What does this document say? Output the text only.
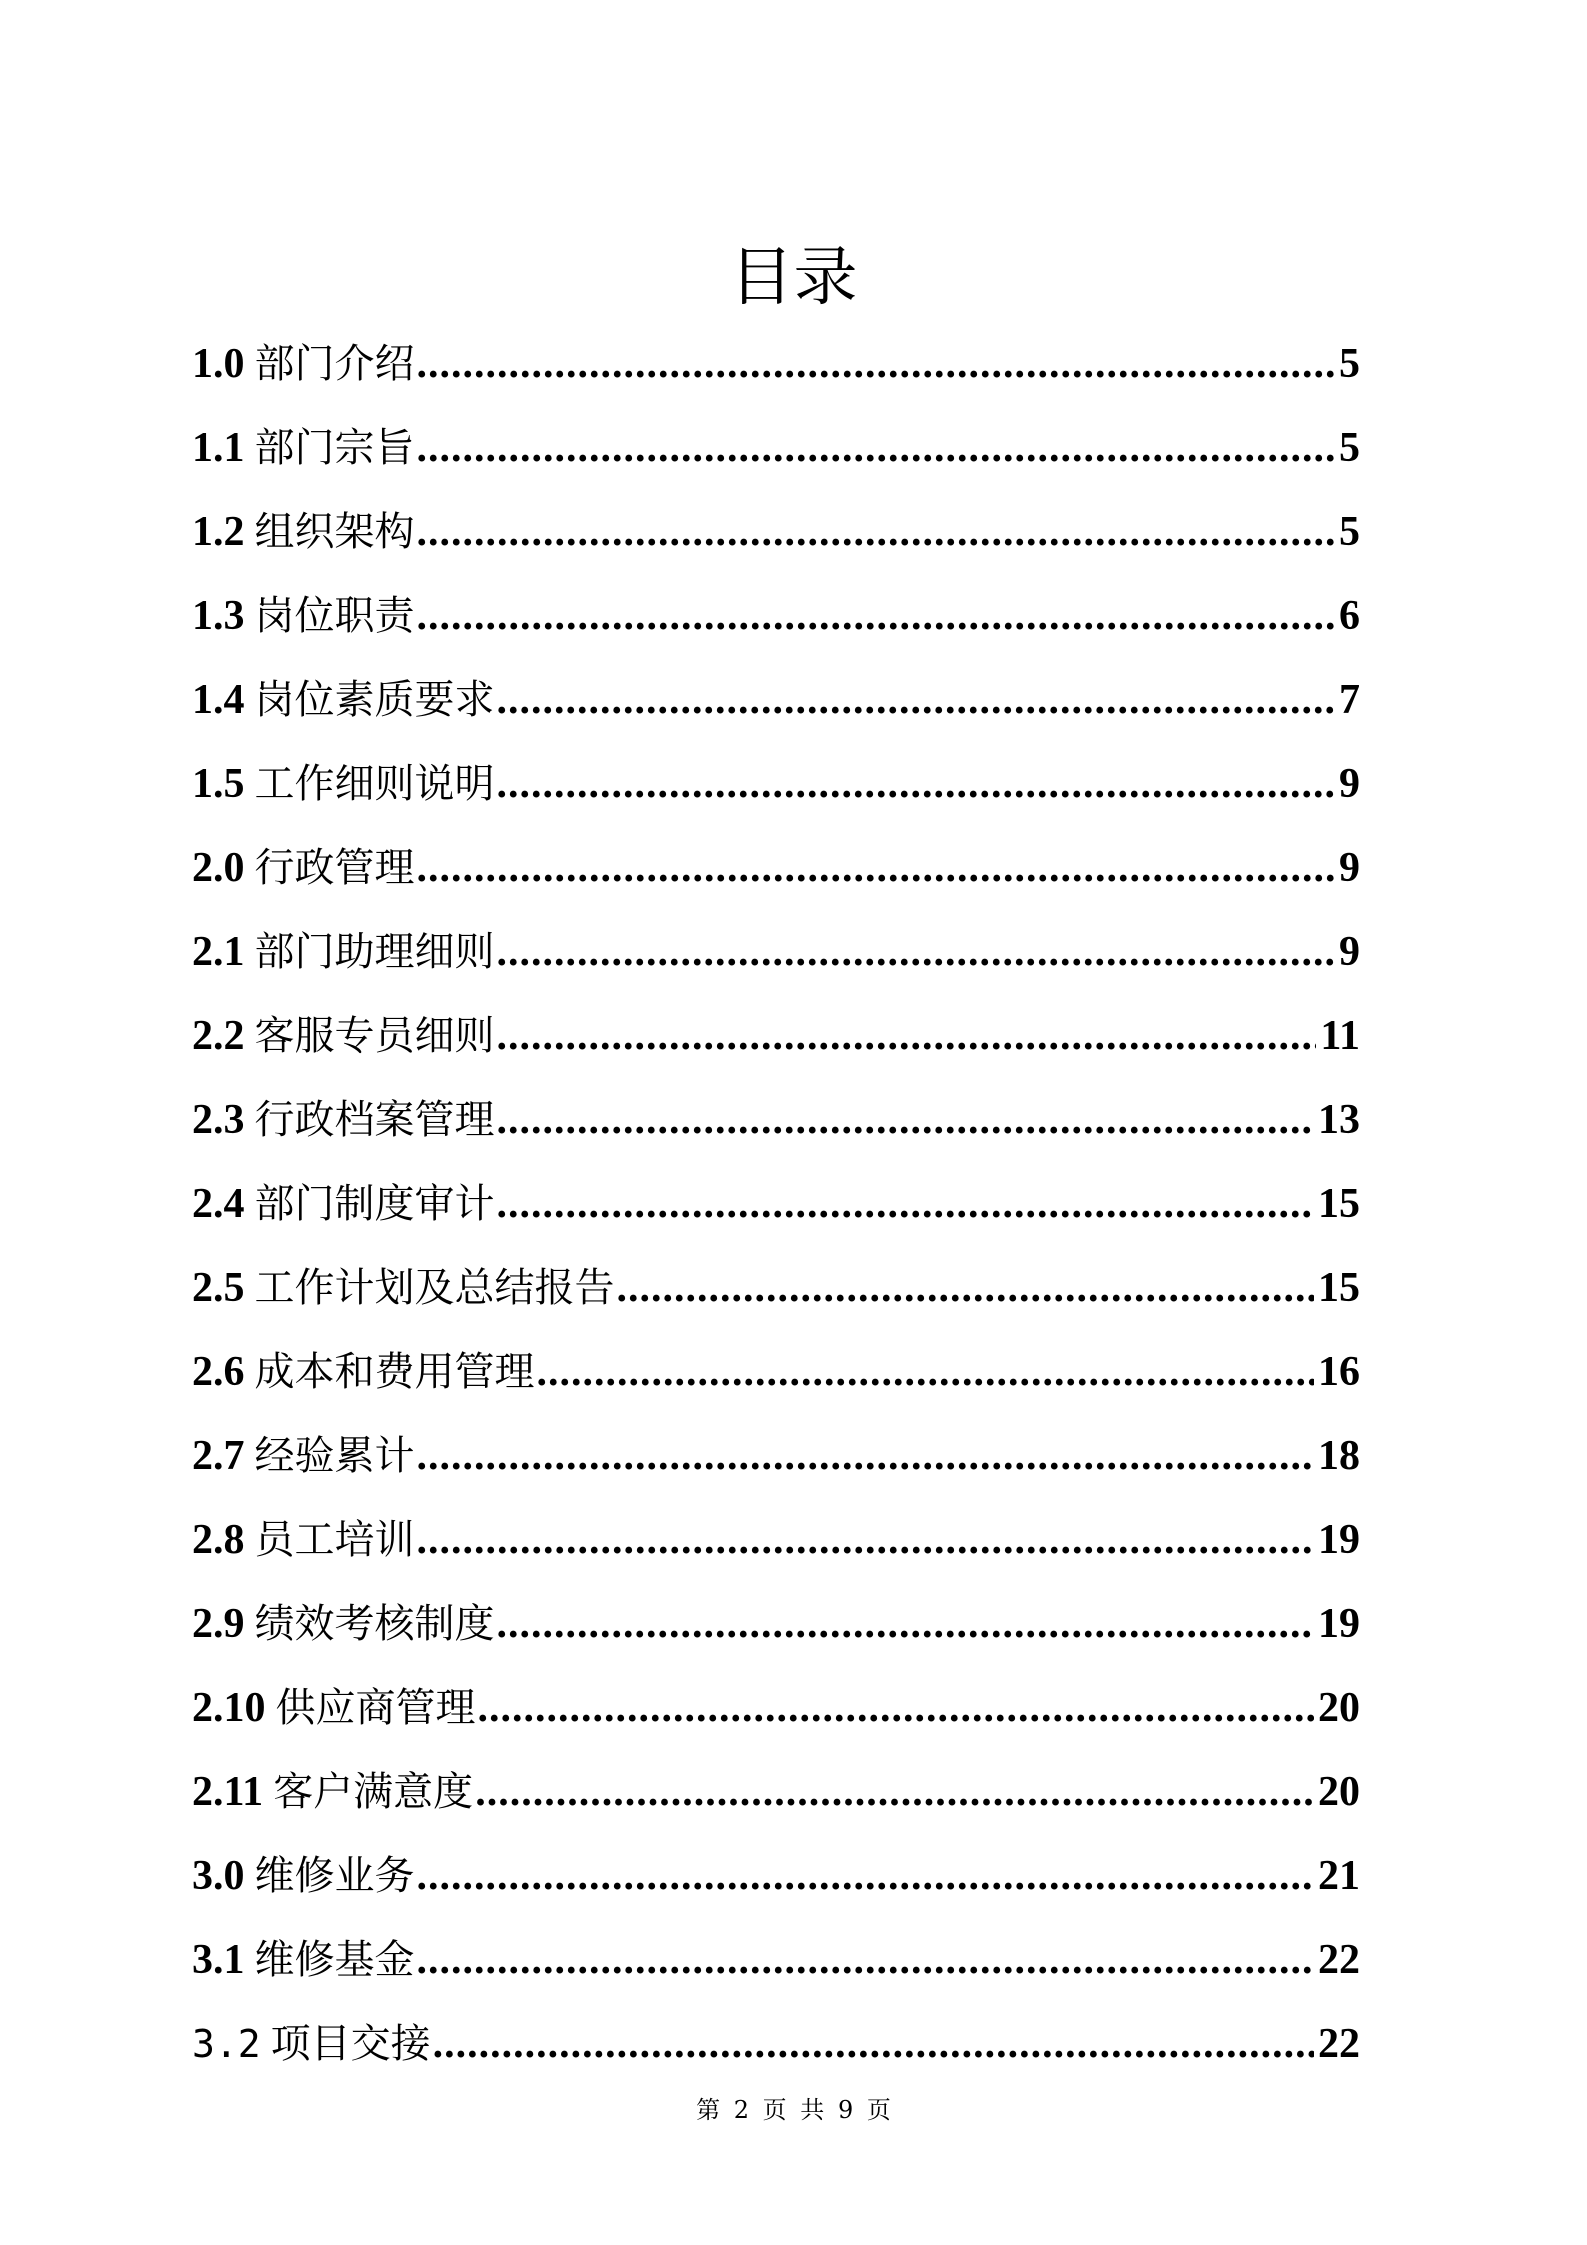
目录
1.0 部门介绍 .....	5
1.1 部门宗旨 .....	5
1.2 组织架构 .....	5
1.3 岗位职责 .....	6
1.4 岗位素质要求 .....	7
1.5 工作细则说明 .....	9
2.0 行政管理 .....	9
2.1 部门助理细则 .....	9
2.2 客服专员细则 .....	11
2.3 行政档案管理 .....	13
2.4 部门制度审计 .....	15
2.5 工作计划及总结报告 .....	15
2.6 成本和费用管理 .....	16
2.7 经验累计 .....	18
2.8 员工培训 .....	19
2.9 绩效考核制度 .....	19
2.10 供应商管理 .....	20
2.11 客户满意度 .....	20
3.0 维修业务 .....	21
3.1 维修基金 .....	22
3.2 项目交接 .....	22
第 2 页 共 9 页
